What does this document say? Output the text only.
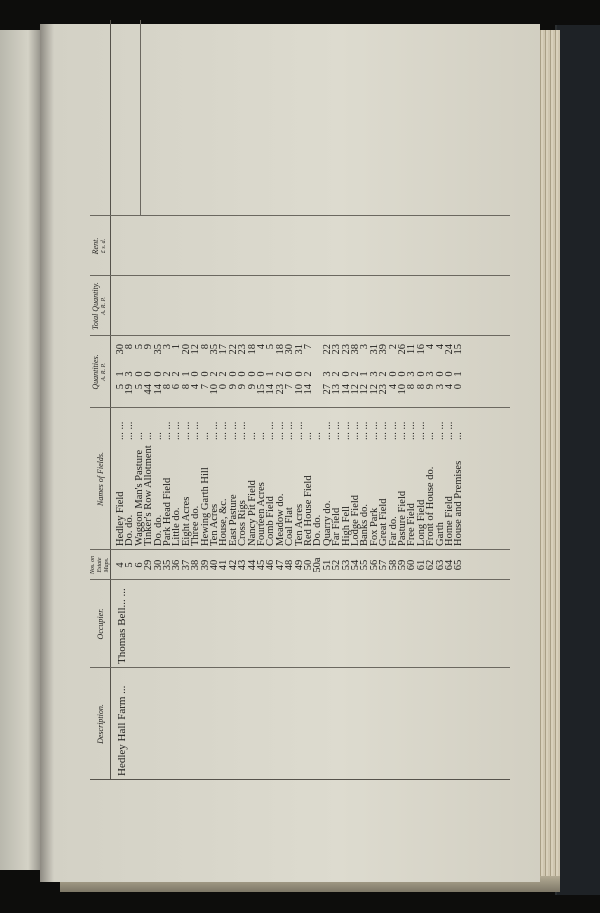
Description.
Occupier.
Nos. on Estate Maps.
Names of Fields.
Quantities. A. R. P.
Total Quantity. A. R. P.
Rent. £ s. d.
Hedley Hall Farm ...
Thomas Bell... ...
4
Hedley Field
... ...
5
1
30
5
Do. do.
... ...
19
3
8
6
Waggon Man's Pasture
...
5
0
5
29
Tinker's Row Allotment
...
44
0
9
30
Do. do.
...
14
0
35
35
Park Head Field
... ...
8
2
3
36
Little do.
... ...
6
2
1
37
Eight Acres
... ...
8
1
20
38
Three do.
... ...
4
0
12
39
Hewing Garth Hill
...
7
0
8
40
Ten Acres
... ...
10
2
35
41
House, &c.
... ...
0
2
17
42
East Pasture
... ...
9
0
22
43
Cross Rigs
... ...
9
0
23
44
Nancy Pit Field
...
9
0
18
45
Fourteen Acres
...
15
0
4
46
Comb Field
... ...
14
1
5
47
Meadow do.
... ...
23
2
18
48
Coal Flat
... ...
7
0
30
49
Ten Acres
... ...
10
0
31
50
Red House Field
...
14
2
7
50a
Do. do.
...
51
Quarry do.
... ...
27
3
22
52
Far Field
... ...
13
2
23
53
High Fell
... ...
14
0
23
54
Lodge Field
... ...
12
2
38
55
Banks do.
... ...
12
1
3
56
Fox Park
... ...
12
3
31
57
Great Field
... ...
23
2
39
58
Far do.
... ...
4
0
2
59
Pasture Field
... ...
10
0
26
60
Free Field
... ...
8
3
11
61
Long Field
... ...
8
0
16
62
Front of House do.
...
9
3
4
63
Garth
... ...
3
0
4
64
Home Field
... ...
4
0
24
65
House and Premises
...
0
1
15
